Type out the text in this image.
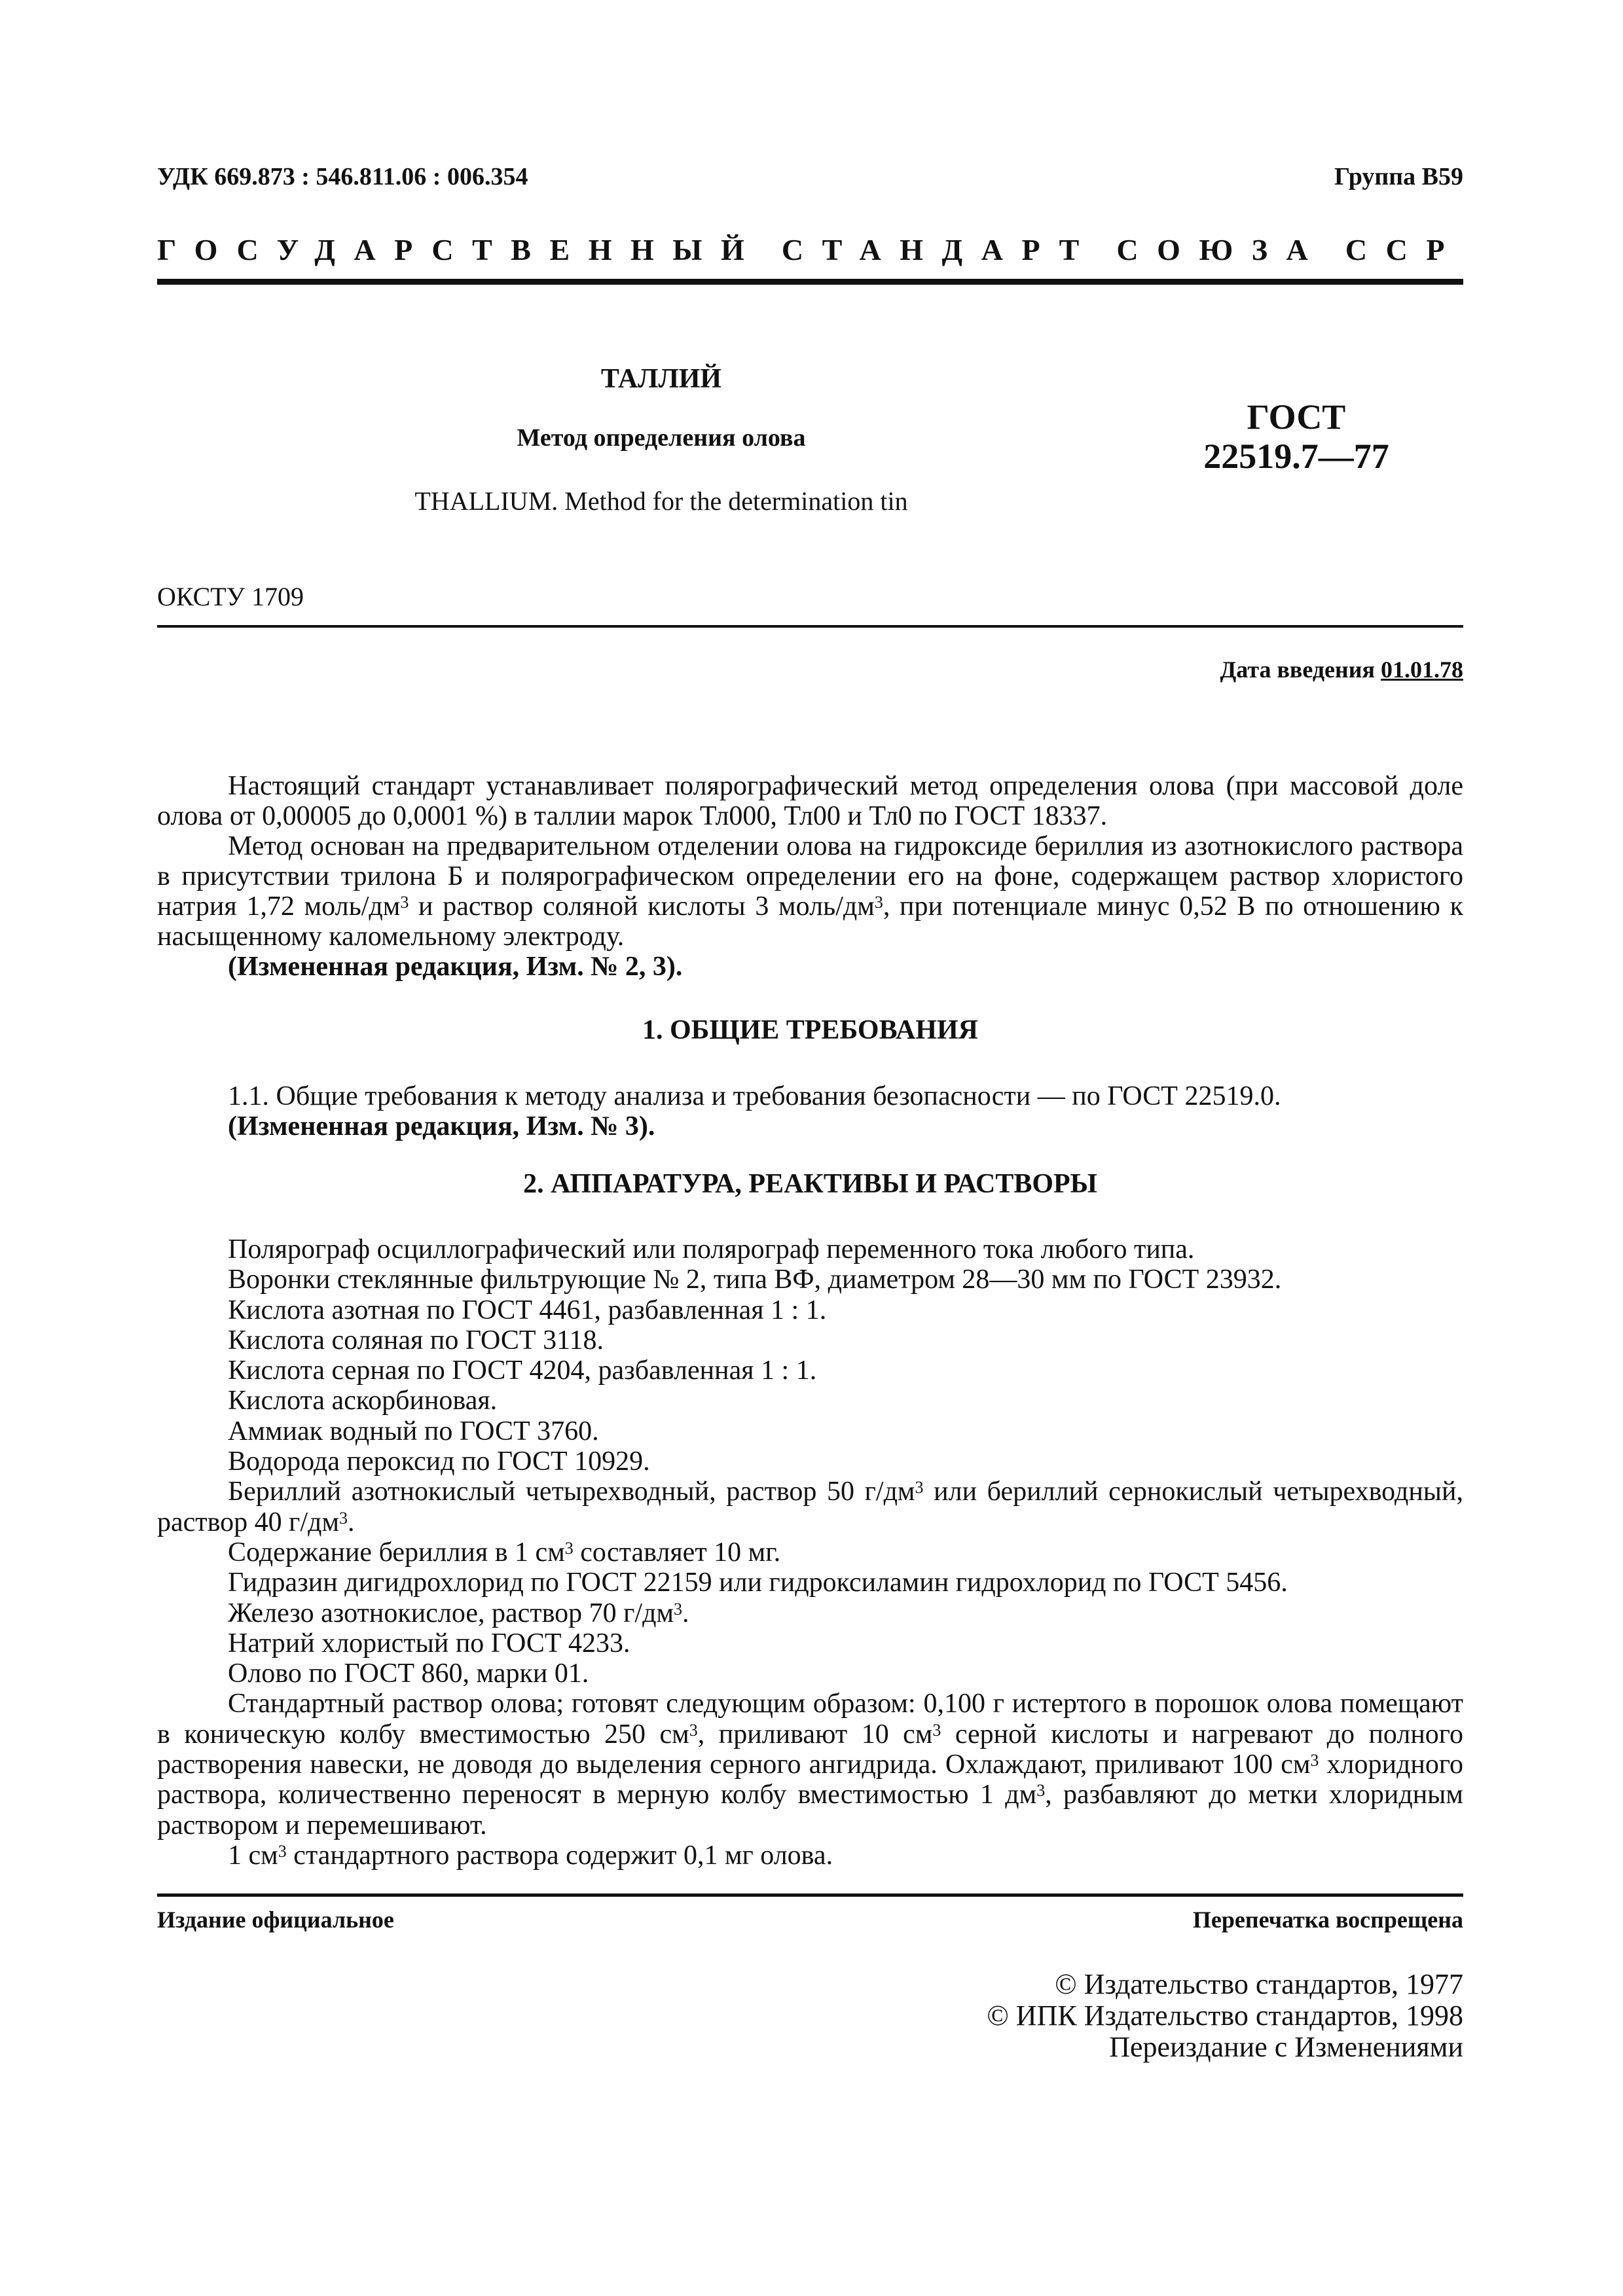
УДК 669.873 : 546.811.06 : 006.354	Группа В59
ГОСУДАРСТВЕННЫЙ СТАНДАРТ СОЮЗА ССР
ТАЛЛИЙ
Метод определения олова
THALLIUM. Method for the determination tin
ГОСТ
22519.7—77
ОКСТУ 1709
Дата введения 01.01.78

Настоящий стандарт устанавливает полярографический метод определения олова (при массовой доле олова от 0,00005 до 0,0001 %) в таллии марок Тл000, Тл00 и Тл0 по ГОСТ 18337.

Метод основан на предварительном отделении олова на гидроксиде бериллия из азотнокислого раствора в присутствии трилона Б и полярографическом определении его на фоне, содержащем раствор хлористого натрия 1,72 моль/$дм^3$ и раствор соляной кислоты 3 моль/$дм^3$, при потенциале минус 0,52 В по отношению к насыщенному каломельному электроду.

(Измененная редакция, Изм. № 2, 3).

1. ОБЩИЕ ТРЕБОВАНИЯ

1.1. Общие требования к методу анализа и требования безопасности — по ГОСТ 22519.0.

(Измененная редакция, Изм. № 3).

2. АППАРАТУРА, РЕАКТИВЫ И РАСТВОРЫ

Полярограф осциллографический или полярограф переменного тока любого типа.

Воронки стеклянные фильтрующие № 2, типа ВФ, диаметром 28—30 мм по ГОСТ 23932.

Кислота азотная по ГОСТ 4461, разбавленная 1 : 1.

Кислота соляная по ГОСТ 3118.

Кислота серная по ГОСТ 4204, разбавленная 1 : 1.

Кислота аскорбиновая.

Аммиак водный по ГОСТ 3760.

Водорода пероксид по ГОСТ 10929.

Бериллий азотнокислый четырехводный, раствор 50 $г/дм^3$ или бериллий сернокислый четырехводный, раствор 40 $г/дм^3$.

Содержание бериллия в 1 $см^3$ составляет 10 мг.

Гидразин дигидрохлорид по ГОСТ 22159 или гидроксиламин гидрохлорид по ГОСТ 5456.

Железо азотнокислое, раствор 70 $г/дм^3$.

Натрий хлористый по ГОСТ 4233.

Олово по ГОСТ 860, марки 01.

Стандартный раствор олова; готовят следующим образом: 0,100 г истертого в порошок олова помещают в коническую колбу вместимостью 250 $см^3$, приливают 10 $см^3$ серной кислоты и нагревают до полного растворения навески, не доводя до выделения серного ангидрида. Охлаждают, приливают 100 $см^3$ хлоридного раствора, количественно переносят в мерную колбу вместимостью 1 $дм^3$, разбавляют до метки хлоридным раствором и перемешивают.

1 $см^3$ стандартного раствора содержит 0,1 мг олова.

Издание официальное	Перепечатка воспрещена
© Издательство стандартов, 1977
© ИПК Издательство стандартов, 1998
Переиздание с Изменениями
